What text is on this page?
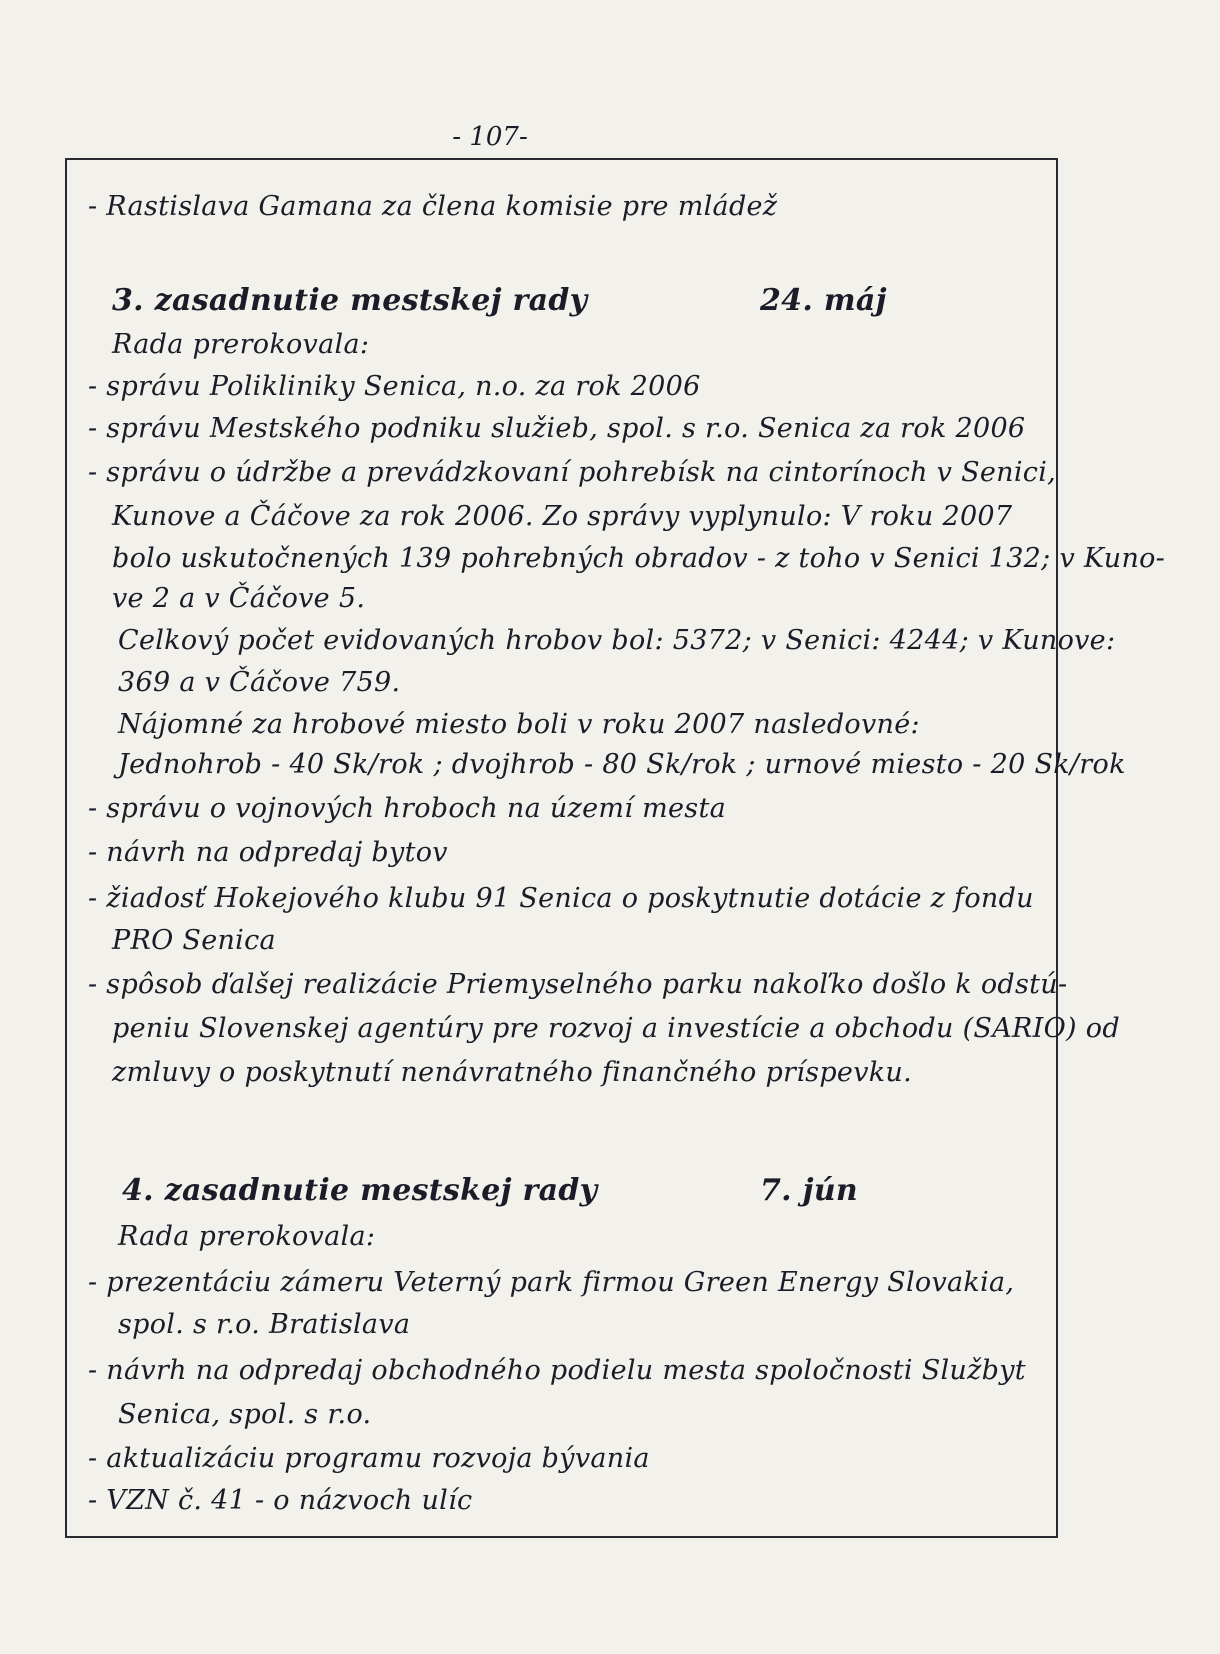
- 107-
- Rastislava Gamana za člena komisie pre mládež
3. zasadnutie mestskej rady	24. máj
Rada prerokovala:
- správu Polikliniky Senica, n.o. za rok 2006
- správu Mestského podniku služieb, spol. s r.o. Senica za rok 2006
- správu o údržbe a prevádzkovaní pohrebísk na cintorínoch v Senici,
Kunove a Čáčove za rok 2006. Zo správy vyplynulo: V roku 2007
bolo uskutočnených 139 pohrebných obradov - z toho v Senici 132; v Kuno-
ve 2 a v Čáčove 5.
Celkový počet evidovaných hrobov bol: 5372; v Senici: 4244; v Kunove:
369 a v Čáčove 759.
Nájomné za hrobové miesto boli v roku 2007 nasledovné:
Jednohrob - 40 Sk/rok ; dvojhrob - 80 Sk/rok ; urnové miesto - 20 Sk/rok
- správu o vojnových hroboch na území mesta
- návrh na odpredaj bytov
- žiadosť Hokejového klubu 91 Senica o poskytnutie dotácie z fondu
PRO Senica
- spôsob ďalšej realizácie Priemyselného parku nakoľko došlo k odstú-
peniu Slovenskej agentúry pre rozvoj a investície a obchodu (SARIO) od
zmluvy o poskytnutí nenávratného finančného príspevku.
4. zasadnutie mestskej rady	7. jún
Rada prerokovala:
- prezentáciu zámeru Veterný park firmou Green Energy Slovakia,
spol. s r.o. Bratislava
- návrh na odpredaj obchodného podielu mesta spoločnosti Službyt
Senica, spol. s r.o.
- aktualizáciu programu rozvoja bývania
- VZN č. 41 - o názvoch ulíc
